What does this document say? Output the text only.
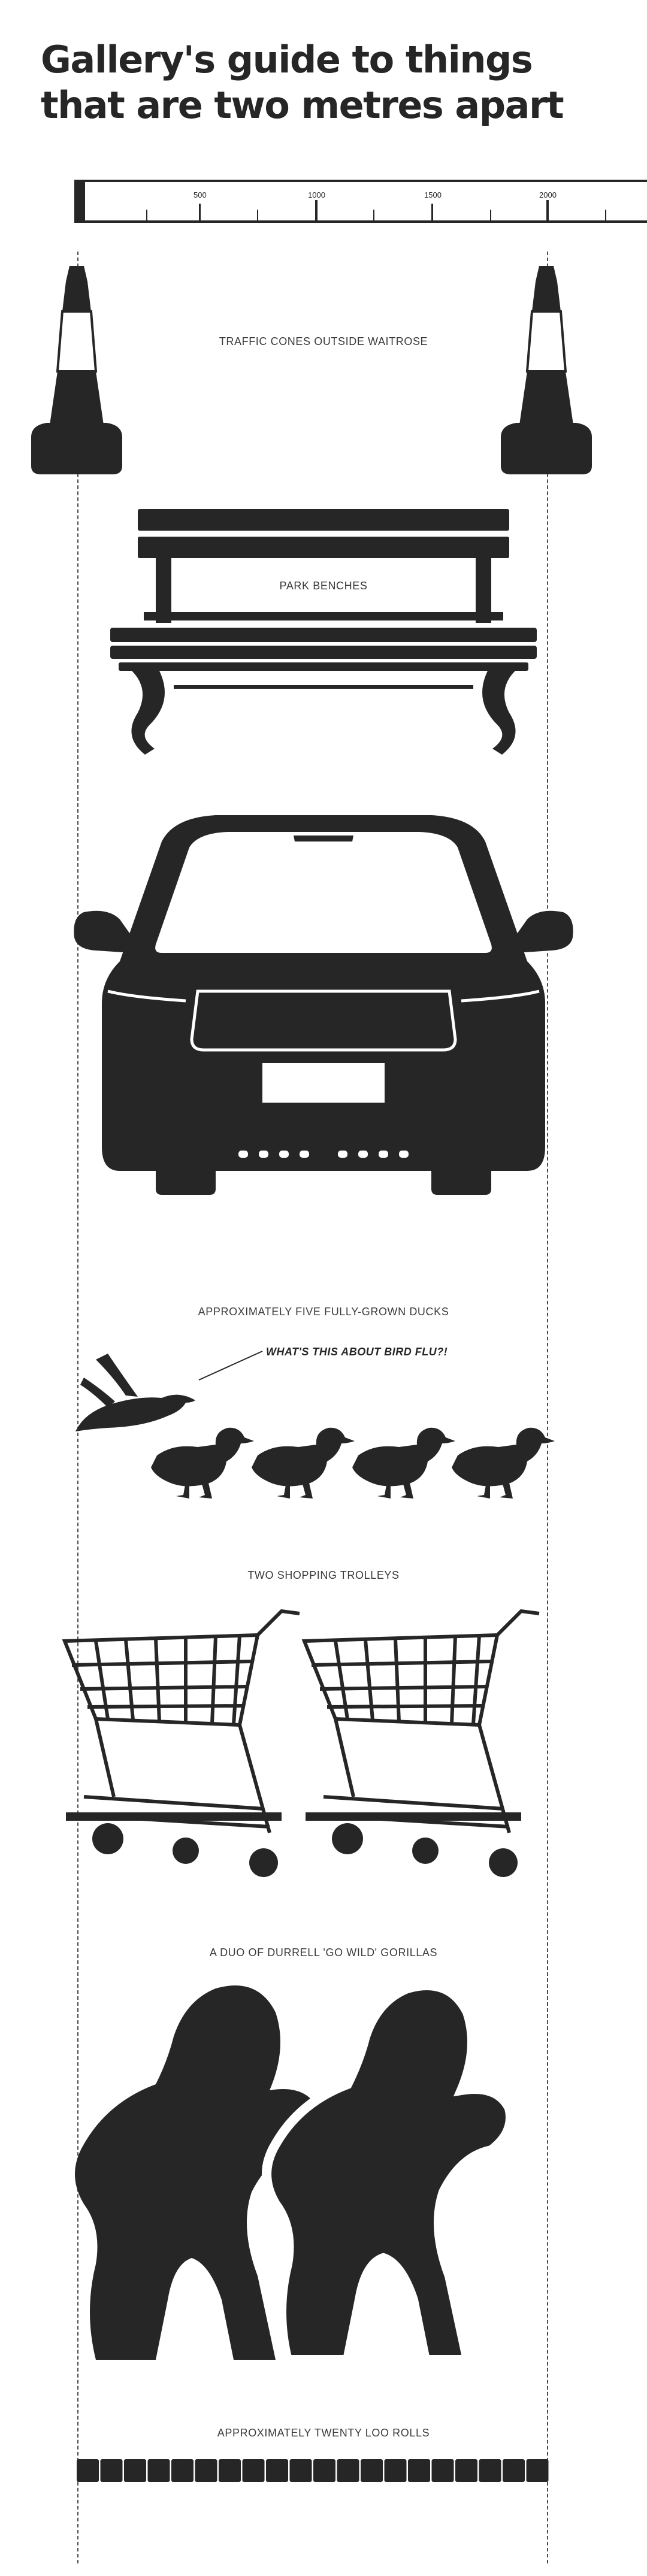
Gallery's guide to things
that are two metres apart
500	1000	1500	2000
TRAFFIC CONES OUTSIDE WAITROSE
PARK BENCHES
APPROXIMATELY FIVE FULLY-GROWN DUCKS
WHAT'S THIS ABOUT BIRD FLU?!
TWO SHOPPING TROLLEYS
A DUO OF DURRELL 'GO WILD' GORILLAS
APPROXIMATELY TWENTY LOO ROLLS
